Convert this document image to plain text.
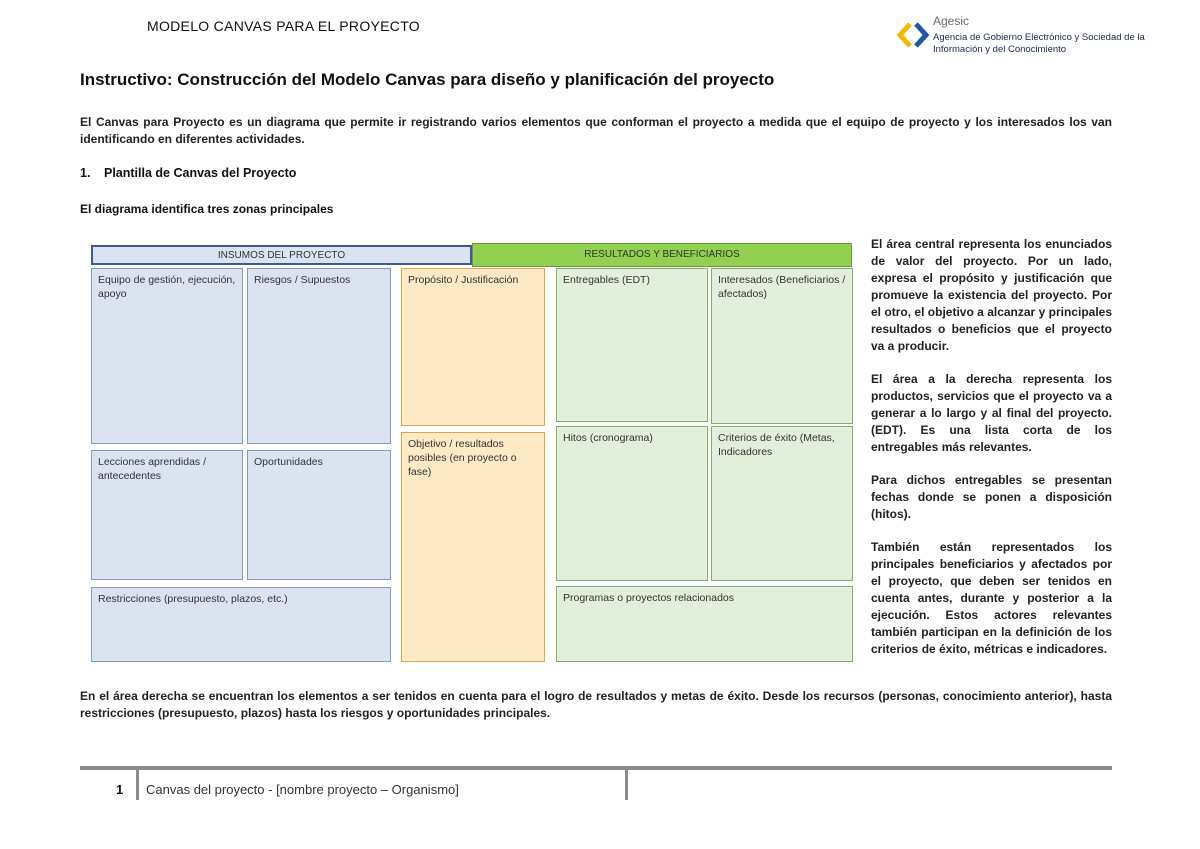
MODELO CANVAS PARA EL PROYECTO	Agesic
Agencia de Gobierno Electrónico y Sociedad de la Información y del Conocimiento
Instructivo: Construcción del Modelo Canvas para diseño y planificación del proyecto
El Canvas para Proyecto es un diagrama que permite ir registrando varios elementos que conforman el proyecto a medida que el equipo de proyecto y los interesados los van identificando en diferentes actividades.
1. Plantilla de Canvas del Proyecto
El diagrama identifica tres zonas principales
INSUMOS DEL PROYECTO	RESULTADOS Y BENEFICIARIOS
Equipo de gestión, ejecución, apoyo
Riesgos / Supuestos	Propósito / Justificación	Entregables (EDT)	Interesados (Beneficiarios / afectados)
Lecciones aprendidas / antecedentes
Oportunidades
Objetivo / resultados posibles (en proyecto o fase)
Hitos (cronograma)	Criterios de éxito (Metas, Indicadores
Restricciones (presupuesto, plazos, etc.)	Programas o proyectos relacionados

El área central representa los enunciados de valor del proyecto. Por un lado, expresa el propósito y justificación que promueve la existencia del proyecto. Por el otro, el objetivo a alcanzar y principales resultados o beneficios que el proyecto va a producir.

El área a la derecha representa los productos, servicios que el proyecto va a generar a lo largo y al final del proyecto. (EDT). Es una lista corta de los entregables más relevantes.

Para dichos entregables se presentan fechas donde se ponen a disposición (hitos).

También están representados los principales beneficiarios y afectados por el proyecto, que deben ser tenidos en cuenta antes, durante y posterior a la ejecución. Estos actores relevantes también participan en la definición de los criterios de éxito, métricas e indicadores.

En el área derecha se encuentran los elementos a ser tenidos en cuenta para el logro de resultados y metas de éxito. Desde los recursos (personas, conocimiento anterior), hasta restricciones (presupuesto, plazos) hasta los riesgos y oportunidades principales.
1 Canvas del proyecto - [nombre proyecto – Organismo]
